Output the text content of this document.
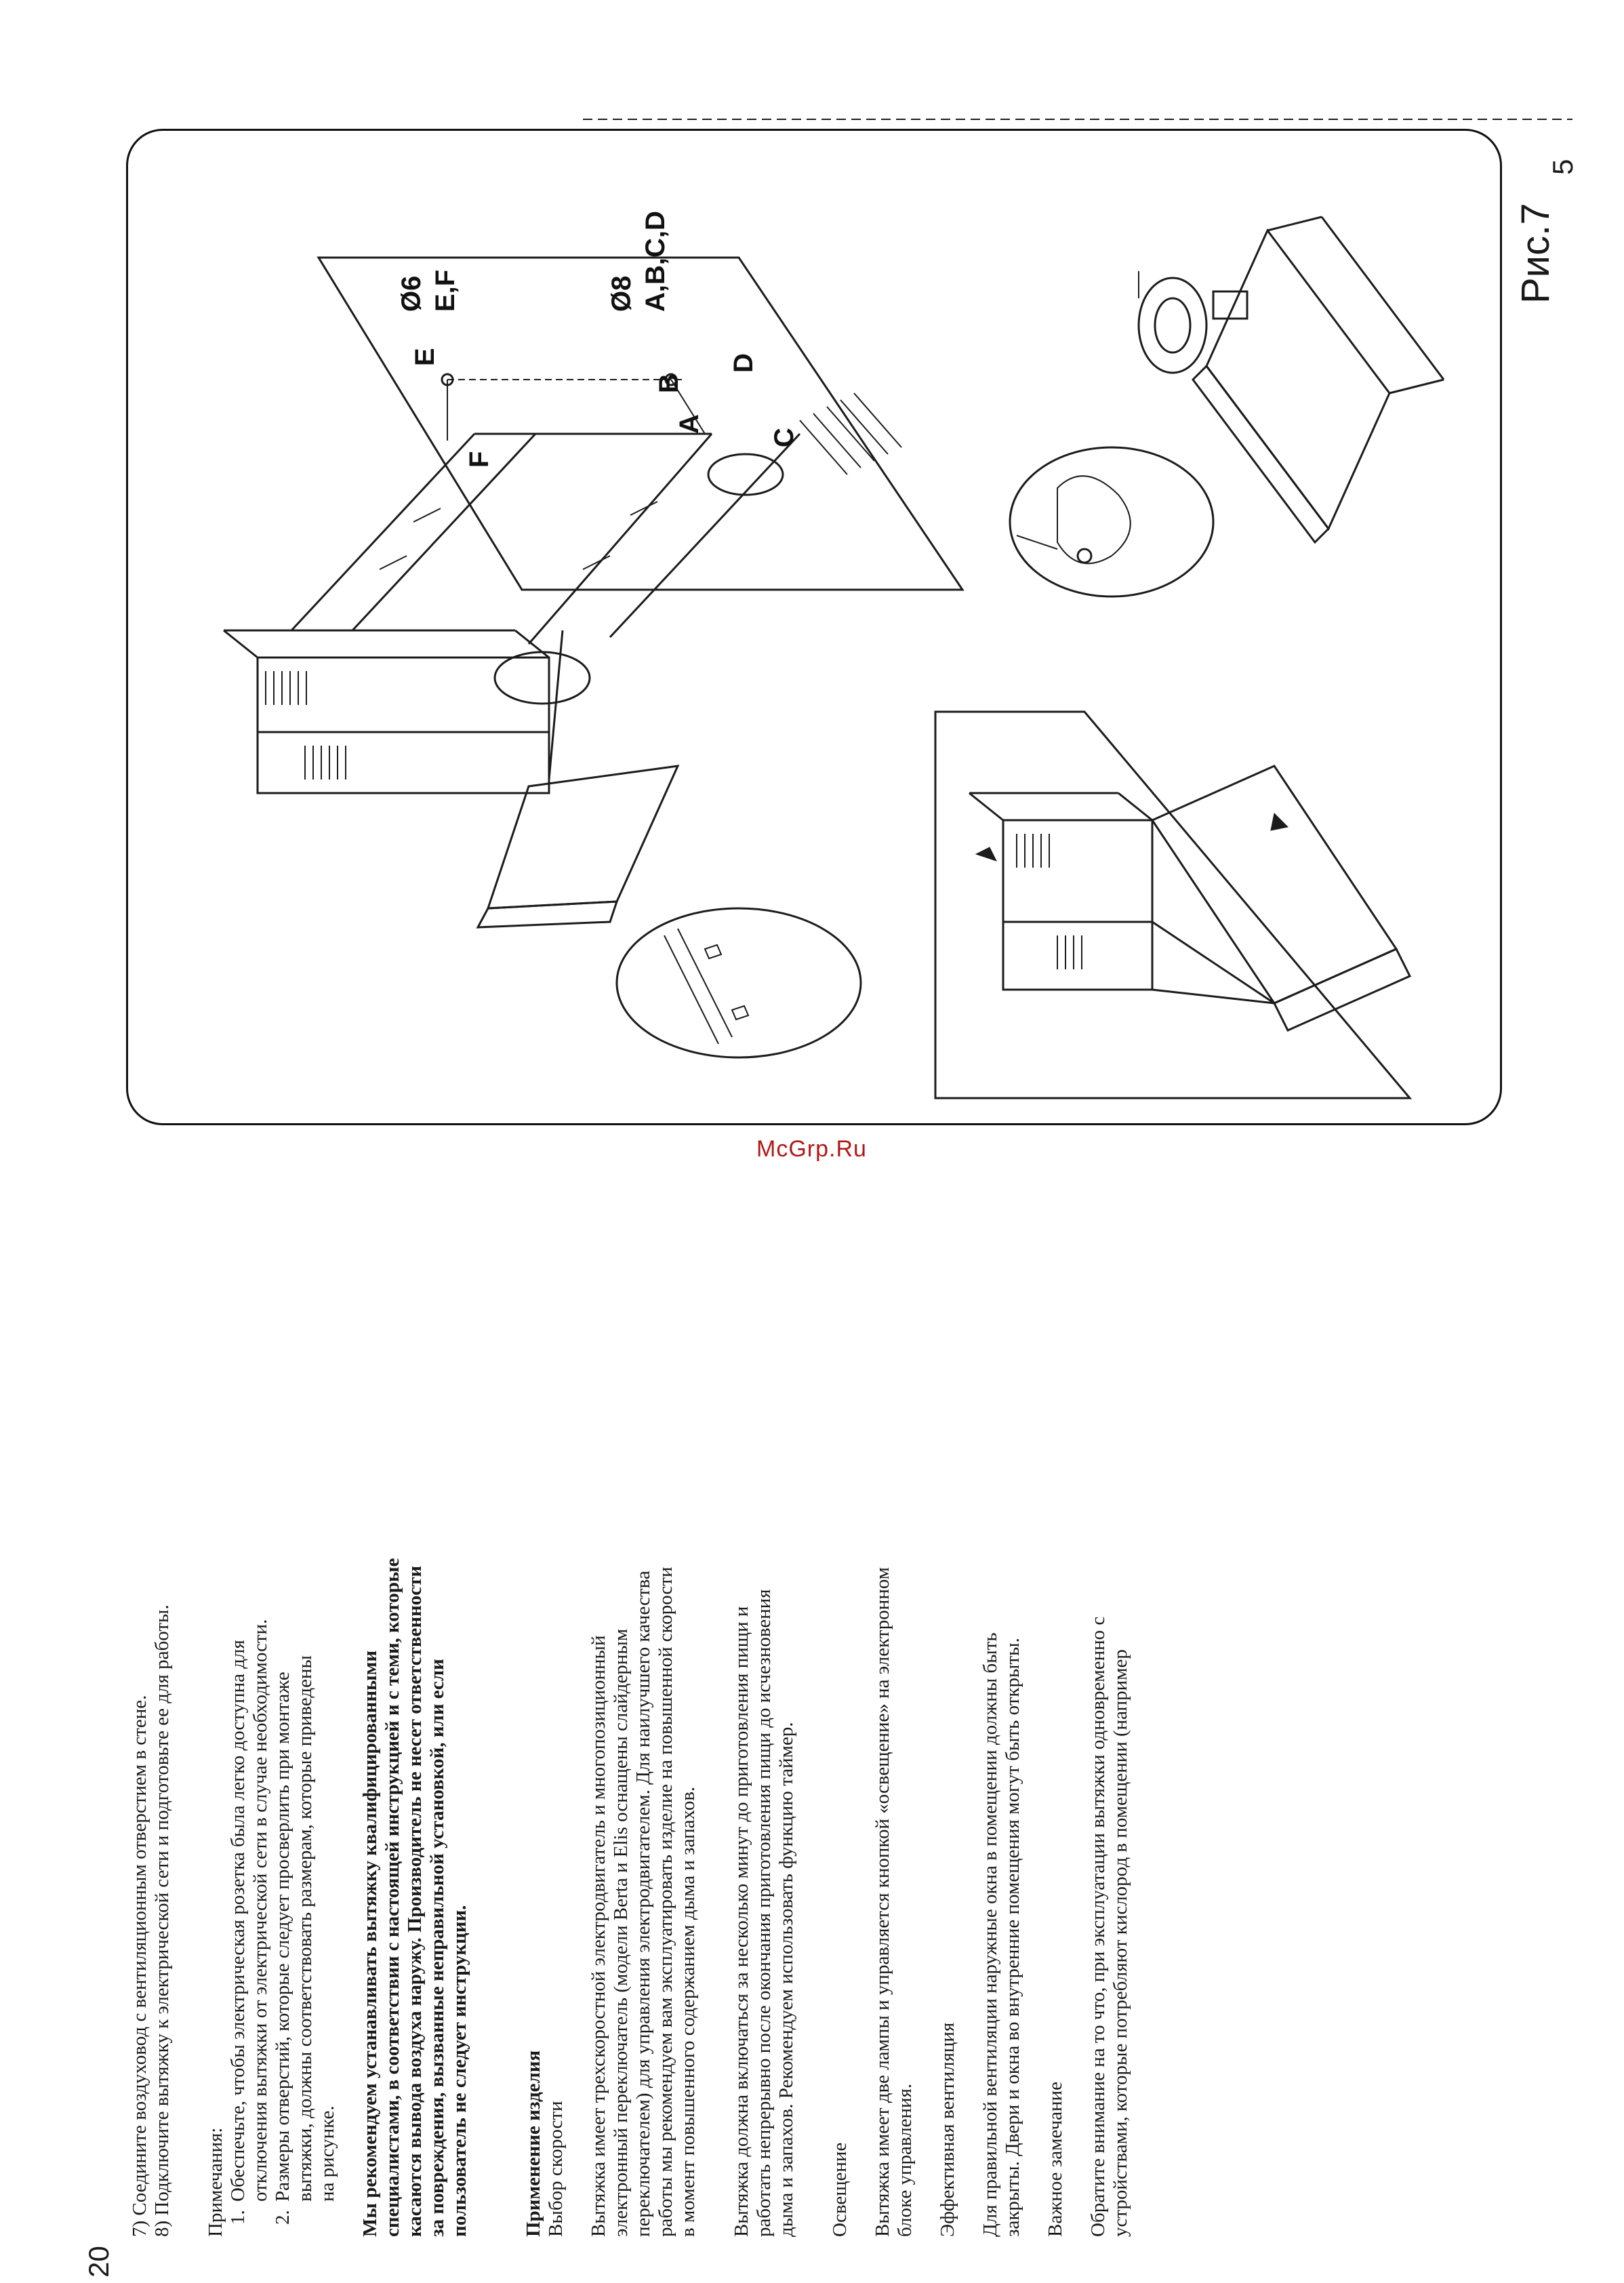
7) Соедините воздуховод с вентиляционным отверстием в стене. 8) Подключите вытяжку к электрической сети и подготовьте ее для работы. Примечания: 1.

Обеспечьте, чтобы электрическая розетка была легко доступна для отключения вытяжки от электрической сети в случае необходимости.

2.

Размеры отверстий, которые следует просверлить при монтаже вытяжки, должны соответствовать размерам, которые приведены на рисунке. Мы рекомендуем устанавливать вытяжку квалифицированными специалистами, в соответствии с настоящей инструкцией и с теми, которые касаются вывода воздуха наружу. Производитель не несет ответственности за повреждения, вызванные неправильной установкой, или если пользователь не следует инструкции.	Применение изделия Выбор скорости Вытяжка имеет трехскоростной электродвигатель и многопозиционный электронный переключатель (модели Berta и Elis оснащены слайдерным переключателем) для управления электродвигателем. Для наилучшего качества работы мы рекомендуем вам эксплуатировать изделие на повышенной скорости в момент повышенного содержанием дыма и запахов. Вытяжка должна включаться за несколько минут до приготовления пищи и работать непрерывно после окончания приготовления пищи до исчезновения дыма и запахов. Рекомендуем использовать функцию таймер. Освещение Вытяжка имеет две лампы и управляется кнопкой «освещение» на электронном блоке управления. Эффективная вентиляция Для правильной вентиляции наружные окна в помещении должны быть закрыты. Двери и окна во внутренние помещения могут быть открыты. Важное замечание Обратите внимание на то что, при эксплуатации вытяжки одновременно с устройствами, которые потребляют кислород в помещении (например

20
5
E
F
A
B
C
D
Ø6 E,F	Ø8 A,B,C,D	Рис.7
McGrp.Ru
